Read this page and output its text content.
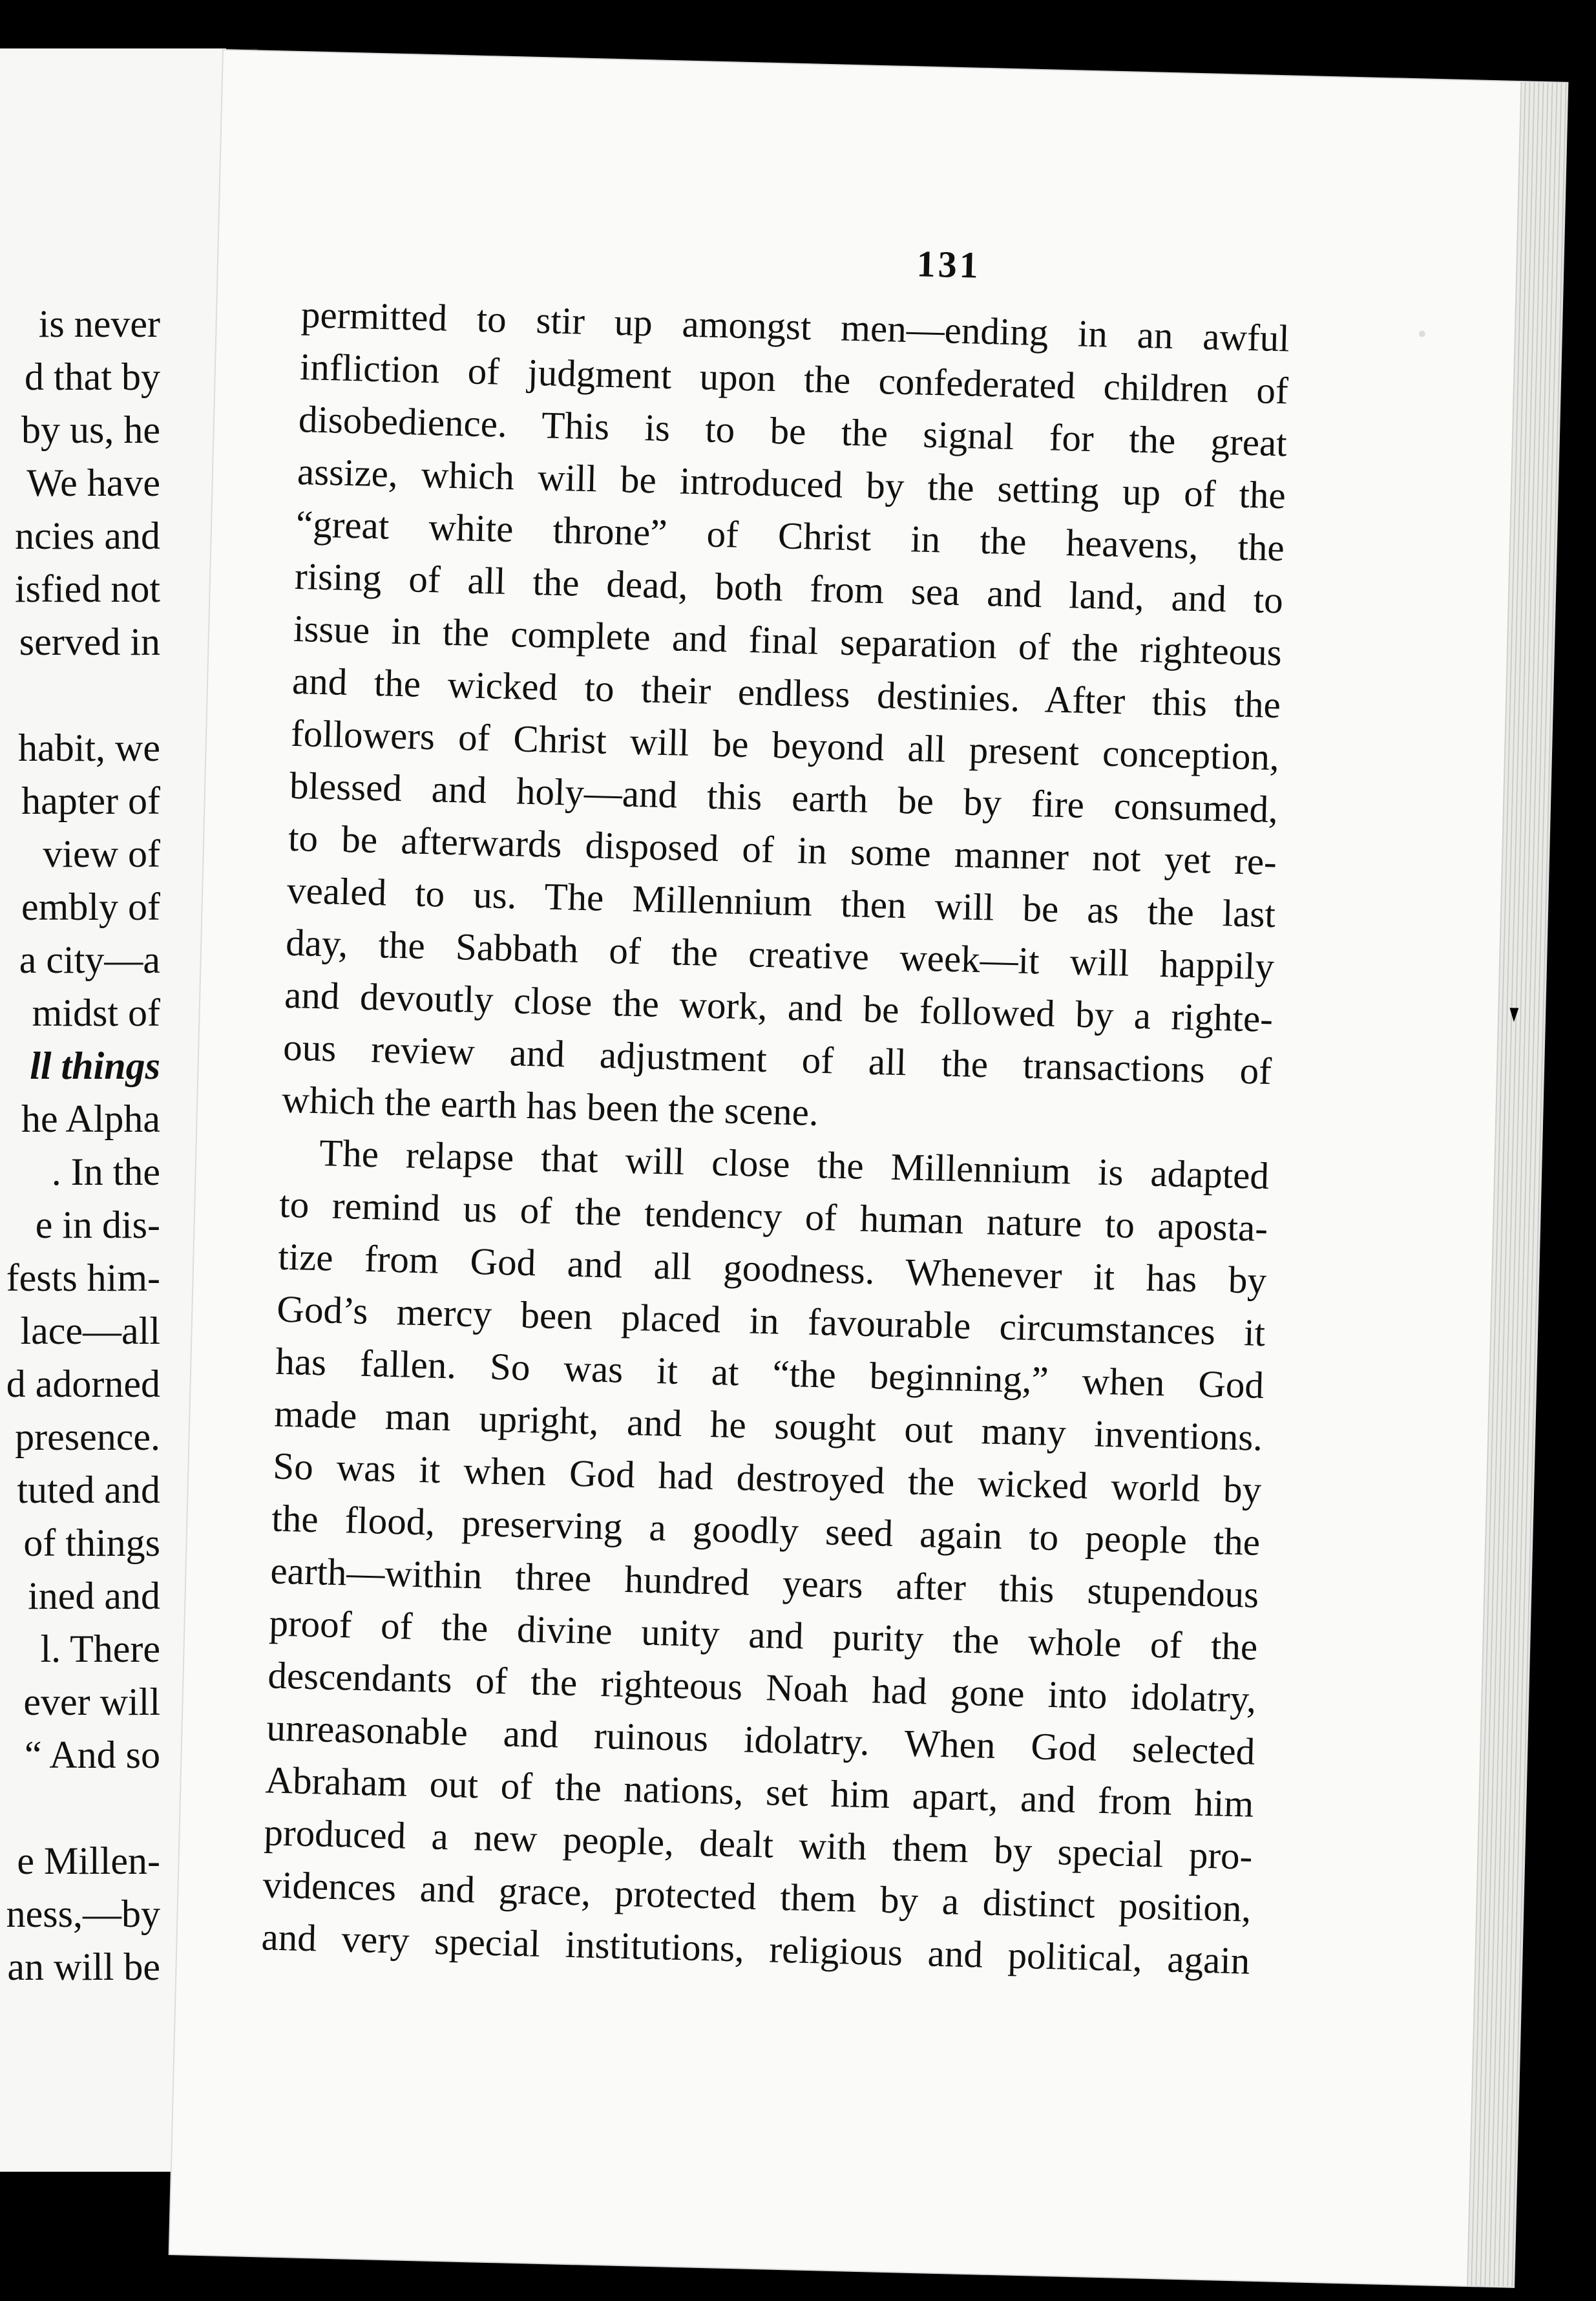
is never
d that by
by us, he
We have
ncies and
isfied not
served in
habit, we
hapter of
view of
embly of
a city—a
midst of
ll things
he Alpha
. In the
e in dis-
fests him-
lace—all
d adorned
presence.
tuted and
of things
ined and
l. There
ever will
“ And so
e Millen-
ness,—by
an will be
131
permitted to stir up amongst men—ending in an awful
infliction of judgment upon the confederated children of
disobedience. This is to be the signal for the great
assize, which will be introduced by the setting up of the
“great white throne” of Christ in the heavens, the
rising of all the dead, both from sea and land, and to
issue in the complete and final separation of the righteous
and the wicked to their endless destinies. After this the
followers of Christ will be beyond all present conception,
blessed and holy—and this earth be by fire consumed,
to be afterwards disposed of in some manner not yet re-
vealed to us. The Millennium then will be as the last
day, the Sabbath of the creative week—it will happily
and devoutly close the work, and be followed by a righte-
ous review and adjustment of all the transactions of
which the earth has been the scene.
The relapse that will close the Millennium is adapted
to remind us of the tendency of human nature to aposta-
tize from God and all goodness. Whenever it has by
God’s mercy been placed in favourable circumstances it
has fallen. So was it at “the beginning,” when God
made man upright, and he sought out many inventions.
So was it when God had destroyed the wicked world by
the flood, preserving a goodly seed again to people the
earth—within three hundred years after this stupendous
proof of the divine unity and purity the whole of the
descendants of the righteous Noah had gone into idolatry,
unreasonable and ruinous idolatry. When God selected
Abraham out of the nations, set him apart, and from him
produced a new people, dealt with them by special pro-
vidences and grace, protected them by a distinct position,
and very special institutions, religious and political, again
